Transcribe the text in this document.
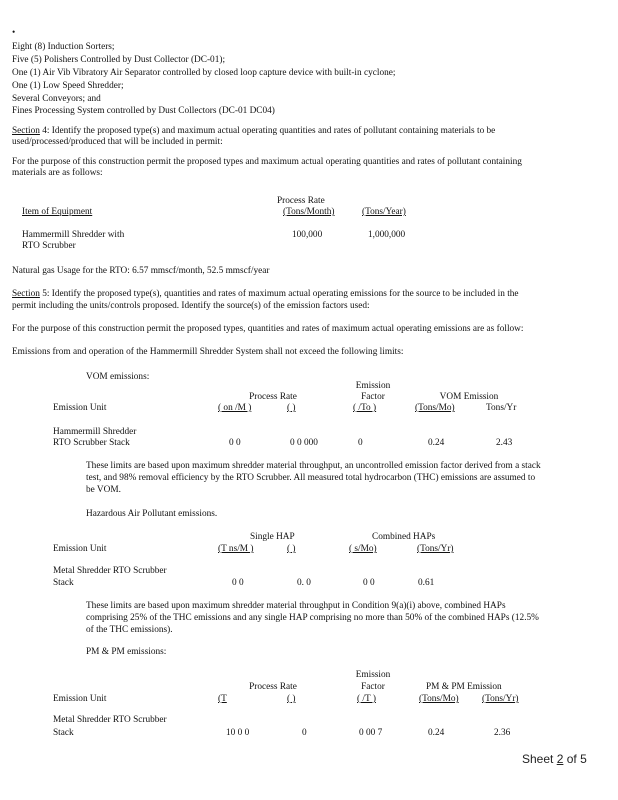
•
Eight (8) Induction Sorters;
Five (5) Polishers Controlled by Dust Collector (DC-01);
One (1) Air Vib Vibratory Air Separator controlled by closed loop capture device with built-in cyclone;
One (1) Low Speed Shredder;
Several Conveyors; and
Fines Processing System controlled by Dust Collectors (DC-01 DC04)
Section 4: Identify the proposed type(s) and maximum actual operating quantities and rates of pollutant containing materials to be
used/processed/produced that will be included in permit:
For the purpose of this construction permit the proposed types and maximum actual operating quantities and rates of pollutant containing
materials are as follows:
Process Rate
Item of Equipment	(Tons/Month)	(Tons/Year)
Hammermill Shredder with
RTO Scrubber
100,000	1,000,000
Natural gas Usage for the RTO: 6.57 mmscf/month, 52.5 mmscf/year
Section 5: Identify the proposed type(s), quantities and rates of maximum actual operating emissions for the source to be included in the
permit including the units/controls proposed. Identify the source(s) of the emission factors used:
For the purpose of this construction permit the proposed types, quantities and rates of maximum actual operating emissions are as follow:
Emissions from and operation of the Hammermill Shredder System shall not exceed the following limits:
VOM emissions:
Emission
Process Rate	Factor	VOM Emission
Emission Unit	( on /M )	( )	( /To )	(Tons/Mo)	Tons/Yr
Hammermill Shredder
RTO Scrubber Stack	0 0	0 0 000	0	0.24	2.43
These limits are based upon maximum shredder material throughput, an uncontrolled emission factor derived from a stack
test, and 98% removal efficiency by the RTO Scrubber. All measured total hydrocarbon (THC) emissions are assumed to
be VOM.
Hazardous Air Pollutant emissions.
Single HAP	Combined HAPs
Emission Unit	(T ns/M )	( )	( s/Mo)	(Tons/Yr)
Metal Shredder RTO Scrubber
Stack	0 0	0. 0	0 0	0.61
These limits are based upon maximum shredder material throughput in Condition 9(a)(i) above, combined HAPs
comprising 25% of the THC emissions and any single HAP comprising no more than 50% of the combined HAPs (12.5%
of the THC emissions).
PM & PM emissions:
Emission
Process Rate	Factor	PM & PM Emission
Emission Unit	(T	( )	( /T )	(Tons/Mo)	(Tons/Yr)
Metal Shredder RTO Scrubber
Stack	10 0 0	0	0 00 7	0.24	2.36
Sheet 2 of 5
